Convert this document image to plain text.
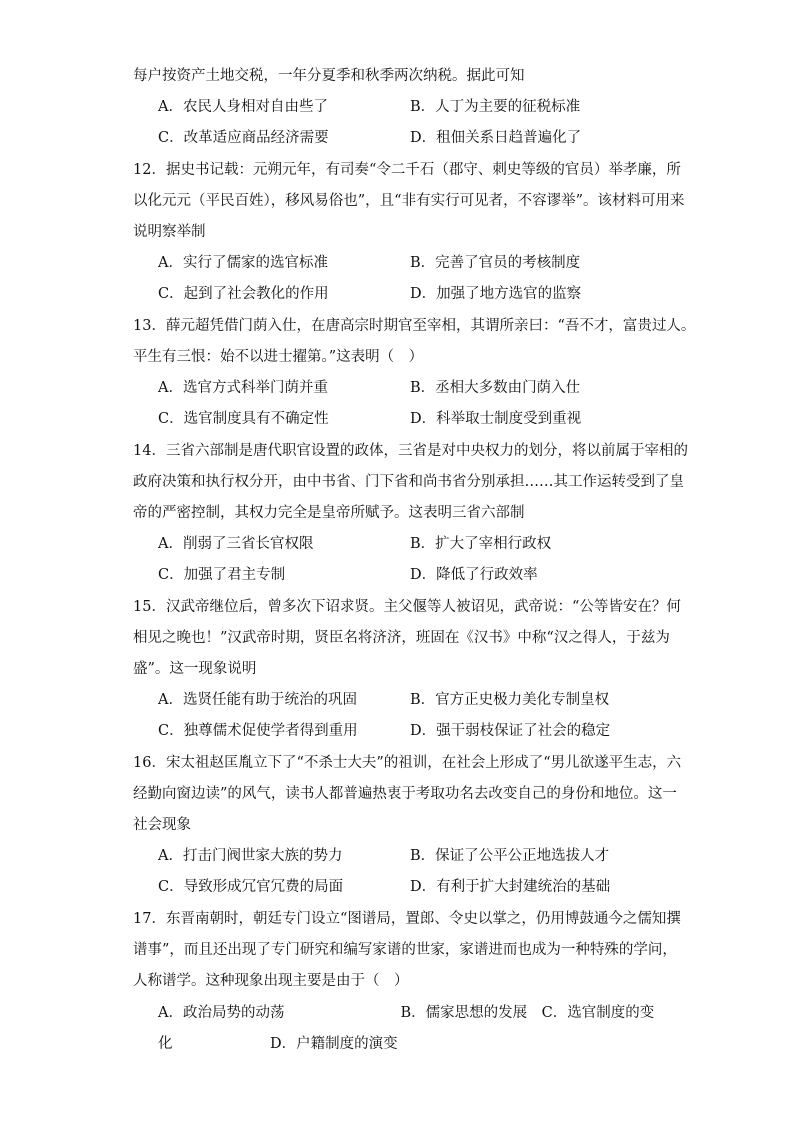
每户按资产土地交税，一年分夏季和秋季两次纳税。据此可知
A．农民人身相对自由些了	B．人丁为主要的征税标准
C．改革适应商品经济需要	D．租佃关系日趋普遍化了
12．据史书记载：元朔元年，有司奏“令二千石（郡守、刺史等级的官员）举孝廉，所
以化元元（平民百姓），移风易俗也”，且“非有实行可见者，不容谬举”。该材料可用来
说明察举制
A．实行了儒家的选官标准	B．完善了官员的考核制度
C．起到了社会教化的作用	D．加强了地方选官的监察
13．薛元超凭借门荫入仕，在唐高宗时期官至宰相，其谓所亲曰：“吾不才，富贵过人。
平生有三恨：始不以进士擢第。”这表明（　）
A．选官方式科举门荫并重	B．丞相大多数由门荫入仕
C．选官制度具有不确定性	D．科举取士制度受到重视
14．三省六部制是唐代职官设置的政体，三省是对中央权力的划分，将以前属于宰相的
政府决策和执行权分开，由中书省、门下省和尚书省分别承担……其工作运转受到了皇
帝的严密控制，其权力完全是皇帝所赋予。这表明三省六部制
A．削弱了三省长官权限	B．扩大了宰相行政权
C．加强了君主专制	D．降低了行政效率
15．汉武帝继位后，曾多次下诏求贤。主父偃等人被诏见，武帝说：“公等皆安在？何
相见之晚也！”汉武帝时期，贤臣名将济济，班固在《汉书》中称“汉之得人，于兹为
盛”。这一现象说明
A．选贤任能有助于统治的巩固	B．官方正史极力美化专制皇权
C．独尊儒术促使学者得到重用	D．强干弱枝保证了社会的稳定
16．宋太祖赵匡胤立下了“不杀士大夫”的祖训，在社会上形成了“男儿欲遂平生志，六
经勤向窗边读”的风气，读书人都普遍热衷于考取功名去改变自己的身份和地位。这一
社会现象
A．打击门阀世家大族的势力	B．保证了公平公正地选拔人才
C．导致形成冗官冗费的局面	D．有利于扩大封建统治的基础
17．东晋南朝时，朝廷专门设立“图谱局，置郎、令史以掌之，仍用博鼓通今之儒知撰
谱事”，而且还出现了专门研究和编写家谱的世家，家谱进而也成为一种特殊的学问，
人称谱学。这种现象出现主要是由于（　）
A．政治局势的动荡　　　　　　　　B．儒家思想的发展　C．选官制度的变
化	D．户籍制度的演变
